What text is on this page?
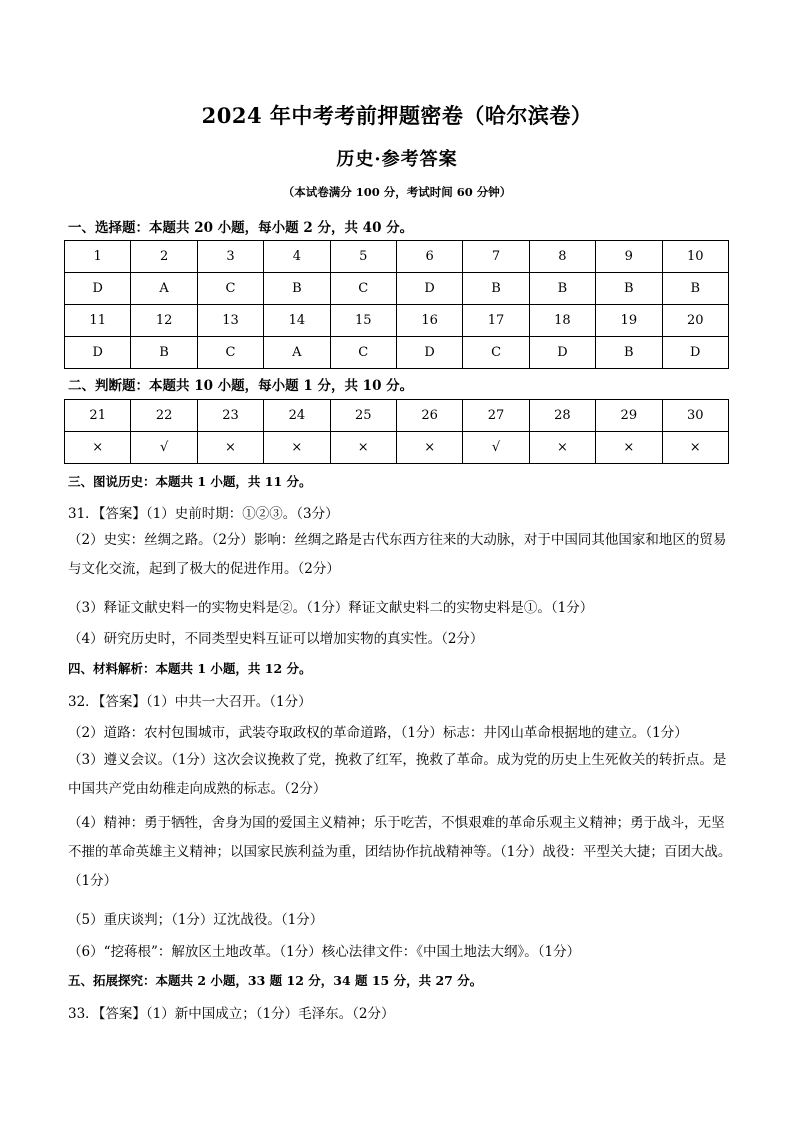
2024 年中考考前押题密卷（哈尔滨卷）
历史·参考答案
（本试卷满分 100 分，考试时间 60 分钟）
一、选择题：本题共 20 小题，每小题 2 分，共 40 分。
1	2	3	4	5	6	7	8	9	10
D	A	C	B	C	D	B	B	B	B
11	12	13	14	15	16	17	18	19	20
D	B	C	A	C	D	C	D	B	D
二、判断题：本题共 10 小题，每小题 1 分，共 10 分。
21	22	23	24	25	26	27	28	29	30
×	√	×	×	×	×	√	×	×	×
三、图说历史：本题共 1 小题，共 11 分。
31．【答案】（1）史前时期：①②③。（3分）
（2）史实：丝绸之路。（2分）影响：丝绸之路是古代东西方往来的大动脉，对于中国同其他国家和地区的贸易与文化交流，起到了极大的促进作用。（2分）
（3）释证文献史料一的实物史料是②。（1分）释证文献史料二的实物史料是①。（1分）
（4）研究历史时，不同类型史料互证可以增加实物的真实性。（2分）
四、材料解析：本题共 1 小题，共 12 分。
32．【答案】（1）中共一大召开。（1分）
（2）道路：农村包围城市，武装夺取政权的革命道路，（1分）标志：井冈山革命根据地的建立。（1分）
（3）遵义会议。（1分）这次会议挽救了党，挽救了红军，挽救了革命。成为党的历史上生死攸关的转折点。是中国共产党由幼稚走向成熟的标志。（2分）
（4）精神：勇于牺牲，舍身为国的爱国主义精神；乐于吃苦，不惧艰难的革命乐观主义精神；勇于战斗，无坚不摧的革命英雄主义精神；以国家民族利益为重，团结协作抗战精神等。（1分）战役：平型关大捷；百团大战。（1分）
（5）重庆谈判；（1分）辽沈战役。（1分）
（6）“挖蒋根”：解放区土地改革。（1分）核心法律文件：《中国土地法大纲》。（1分）
五、拓展探究：本题共 2 小题，33 题 12 分，34 题 15 分，共 27 分。
33．【答案】（1）新中国成立；（1分）毛泽东。（2分）
